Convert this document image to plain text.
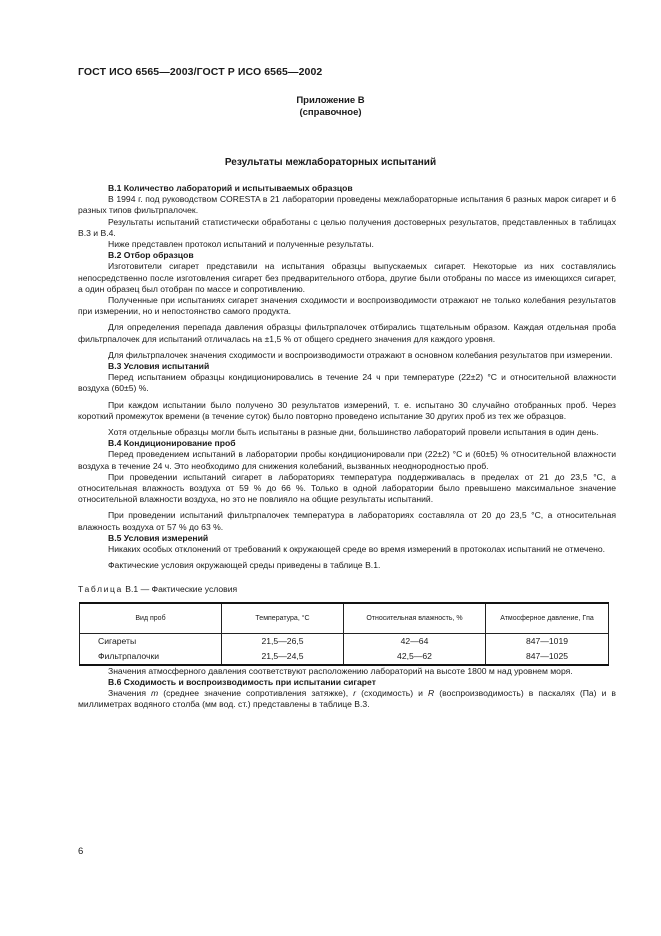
ГОСТ ИСО 6565—2003/ГОСТ Р ИСО 6565—2002
Приложение В
(справочное)
Результаты межлабораторных испытаний

В.1 Количество лабораторий и испытываемых образцов

В 1994 г. под руководством CORESTA в 21 лаборатории проведены межлабораторные испытания 6 разных марок сигарет и 6 разных типов фильтрпалочек.

Результаты испытаний статистически обработаны с целью получения достоверных результатов, представленных в таблицах В.3 и В.4.

Ниже представлен протокол испытаний и полученные результаты.

В.2 Отбор образцов

Изготовители сигарет представили на испытания образцы выпускаемых сигарет. Некоторые из них составлялись непосредственно после изготовления сигарет без предварительного отбора, другие были отобраны по массе из имеющихся сигарет, а один образец был отобран по массе и сопротивлению.

Полученные при испытаниях сигарет значения сходимости и воспроизводимости отражают не только колебания результатов при измерении, но и непостоянство самого продукта.

Для определения перепада давления образцы фильтрпалочек отбирались тщательным образом. Каждая отдельная проба фильтрпалочек для испытаний отличалась на ±1,5 % от общего среднего значения для каждого уровня.

Для фильтрпалочек значения сходимости и воспроизводимости отражают в основном колебания результатов при измерении.

В.3 Условия испытаний

Перед испытанием образцы кондиционировались в течение 24 ч при температуре (22±2) °С и относительной влажности воздуха (60±5) %.

При каждом испытании было получено 30 результатов измерений, т. е. испытано 30 случайно отобранных проб. Через короткий промежуток времени (в течение суток) было повторно проведено испытание 30 других проб из тех же образцов.

Хотя отдельные образцы могли быть испытаны в разные дни, большинство лабораторий провели испытания в один день.

В.4 Кондиционирование проб

Перед проведением испытаний в лаборатории пробы кондиционировали при (22±2) °С и (60±5) % относительной влажности воздуха в течение 24 ч. Это необходимо для снижения колебаний, вызванных неоднородностью проб.

При проведении испытаний сигарет в лабораториях температура поддерживалась в пределах от 21 до 23,5 °С, а относительная влажность воздуха от 59 % до 66 %. Только в одной лаборатории было превышено максимальное значение относительной влажности воздуха, но это не повлияло на общие результаты испытаний.

При проведении испытаний фильтрпалочек температура в лабораториях составляла от 20 до 23,5 °С, а относительная влажность воздуха от 57 % до 63 %.

В.5 Условия измерений

Никаких особых отклонений от требований к окружающей среде во время измерений в протоколах испытаний не отмечено.

Фактические условия окружающей среды приведены в таблице В.1.

Таблица В.1 — Фактические условия
Вид проб	Температура, °С	Относительная влажность, %	Атмосферное давление, Гпа
Сигареты	21,5—26,5	42—64	847—1019
Фильтрпалочки	21,5—24,5	42,5—62	847—1025

Значения атмосферного давления соответствуют расположению лабораторий на высоте 1800 м над уровнем моря.

В.6 Сходимость и воспроизводимость при испытании сигарет

Значения m (среднее значение сопротивления затяжке), r (сходимость) и R (воспроизводимость) в паскалях (Па) и в миллиметрах водяного столба (мм вод. ст.) представлены в таблице В.3.

6
